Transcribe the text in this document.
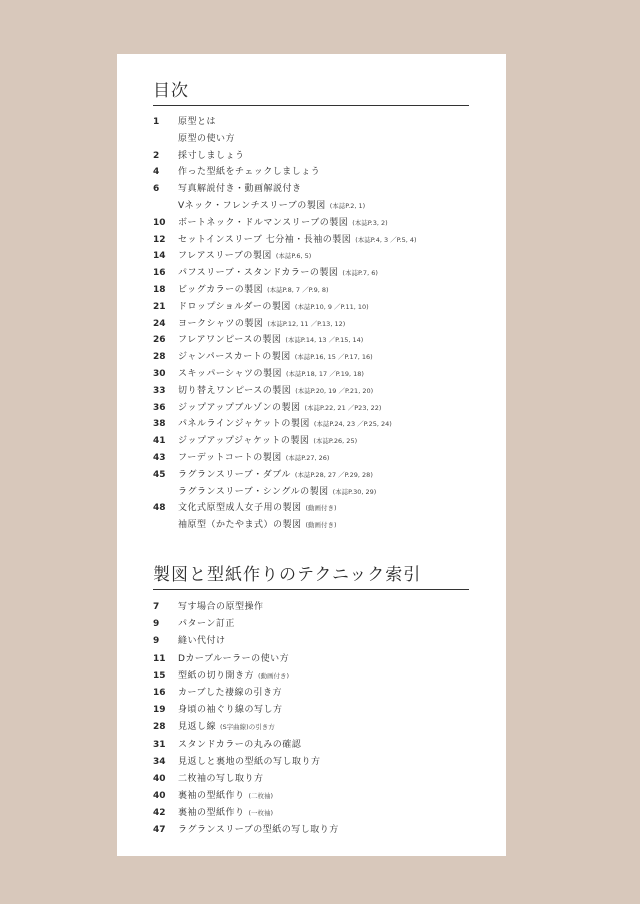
目次
1	原型とは
原型の使い方
2	採寸しましょう
4	作った型紙をチェックしましょう
6	写真解説付き・動画解説付き
Vネック・フレンチスリーブの製図 (本誌P.2, 1)
10	ボートネック・ドルマンスリーブの製図 (本誌P.3, 2)
12	セットインスリーブ 七分袖・長袖の製図 (本誌P.4, 3 ／P.5, 4)
14	フレアスリーブの製図 (本誌P.6, 5)
16	パフスリーブ・スタンドカラーの製図 (本誌P.7, 6)
18	ビッグカラーの製図 (本誌P.8, 7 ／P.9, 8)
21	ドロップショルダーの製図 (本誌P.10, 9 ／P.11, 10)
24	ヨークシャツの製図 (本誌P.12, 11 ／P.13, 12)
26	フレアワンピースの製図 (本誌P.14, 13 ／P.15, 14)
28	ジャンパースカートの製図 (本誌P.16, 15 ／P.17, 16)
30	スキッパーシャツの製図 (本誌P.18, 17 ／P.19, 18)
33	切り替えワンピースの製図 (本誌P.20, 19 ／P.21, 20)
36	ジップアップブルゾンの製図 (本誌P.22, 21 ／P23, 22)
38	パネルラインジャケットの製図 (本誌P.24, 23 ／P.25, 24)
41	ジップアップジャケットの製図 (本誌P.26, 25)
43	フーデットコートの製図 (本誌P.27, 26)
45	ラグランスリーブ・ダブル (本誌P.28, 27 ／P.29, 28)
ラグランスリーブ・シングルの製図 (本誌P.30, 29)
48	文化式原型成人女子用の製図 (動画付き)
袖原型（かたやま式）の製図 (動画付き)
製図と型紙作りのテクニック索引
7	写す場合の原型操作
9	パターン訂正
9	縫い代付け
11	Dカーブルーラーの使い方
15	型紙の切り開き方 (動画付き)
16	カーブした褄線の引き方
19	身頃の袖ぐり線の写し方
28	見返し線 (S字曲線)の引き方
31	スタンドカラーの丸みの確認
34	見返しと裏地の型紙の写し取り方
40	二枚袖の写し取り方
40	裏袖の型紙作り (二枚袖)
42	裏袖の型紙作り (一枚袖)
47	ラグランスリーブの型紙の写し取り方
